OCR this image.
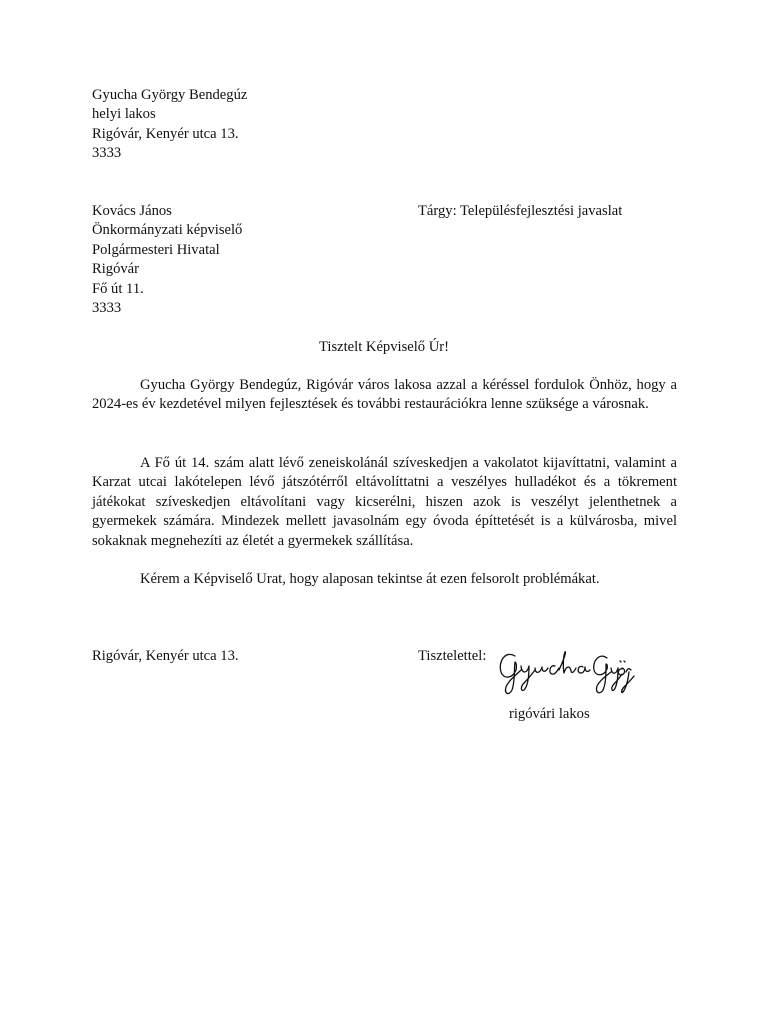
Gyucha György Bendegúz
helyi lakos
Rigóvár, Kenyér utca 13.
3333
Kovács János
Önkormányzati képviselő
Polgármesteri Hivatal
Rigóvár
Fő út 11.
3333
Tárgy: Településfejlesztési javaslat
Tisztelt Képviselő Úr!
Gyucha György Bendegúz, Rigóvár város lakosa azzal a kéréssel fordulok Önhöz, hogy a 2024-es év kezdetével milyen fejlesztések és további restaurációkra lenne szüksége a városnak.
A Fő út 14. szám alatt lévő zeneiskolánál szíveskedjen a vakolatot kijavíttatni, valamint a Karzat utcai lakótelepen lévő játszótérről eltávolíttatni a veszélyes hulladékot és a tökrement játékokat szíveskedjen eltávolítani vagy kicserélni, hiszen azok is veszélyt jelenthetnek a gyermekek számára. Mindezek mellett javasolnám egy óvoda építtetését is a külvárosba, mivel sokaknak megnehezíti az életét a gyermekek szállítása.
Kérem a Képviselő Urat, hogy alaposan tekintse át ezen felsorolt problémákat.
Rigóvár, Kenyér utca 13.	Tisztelettel:
rigóvári lakos
